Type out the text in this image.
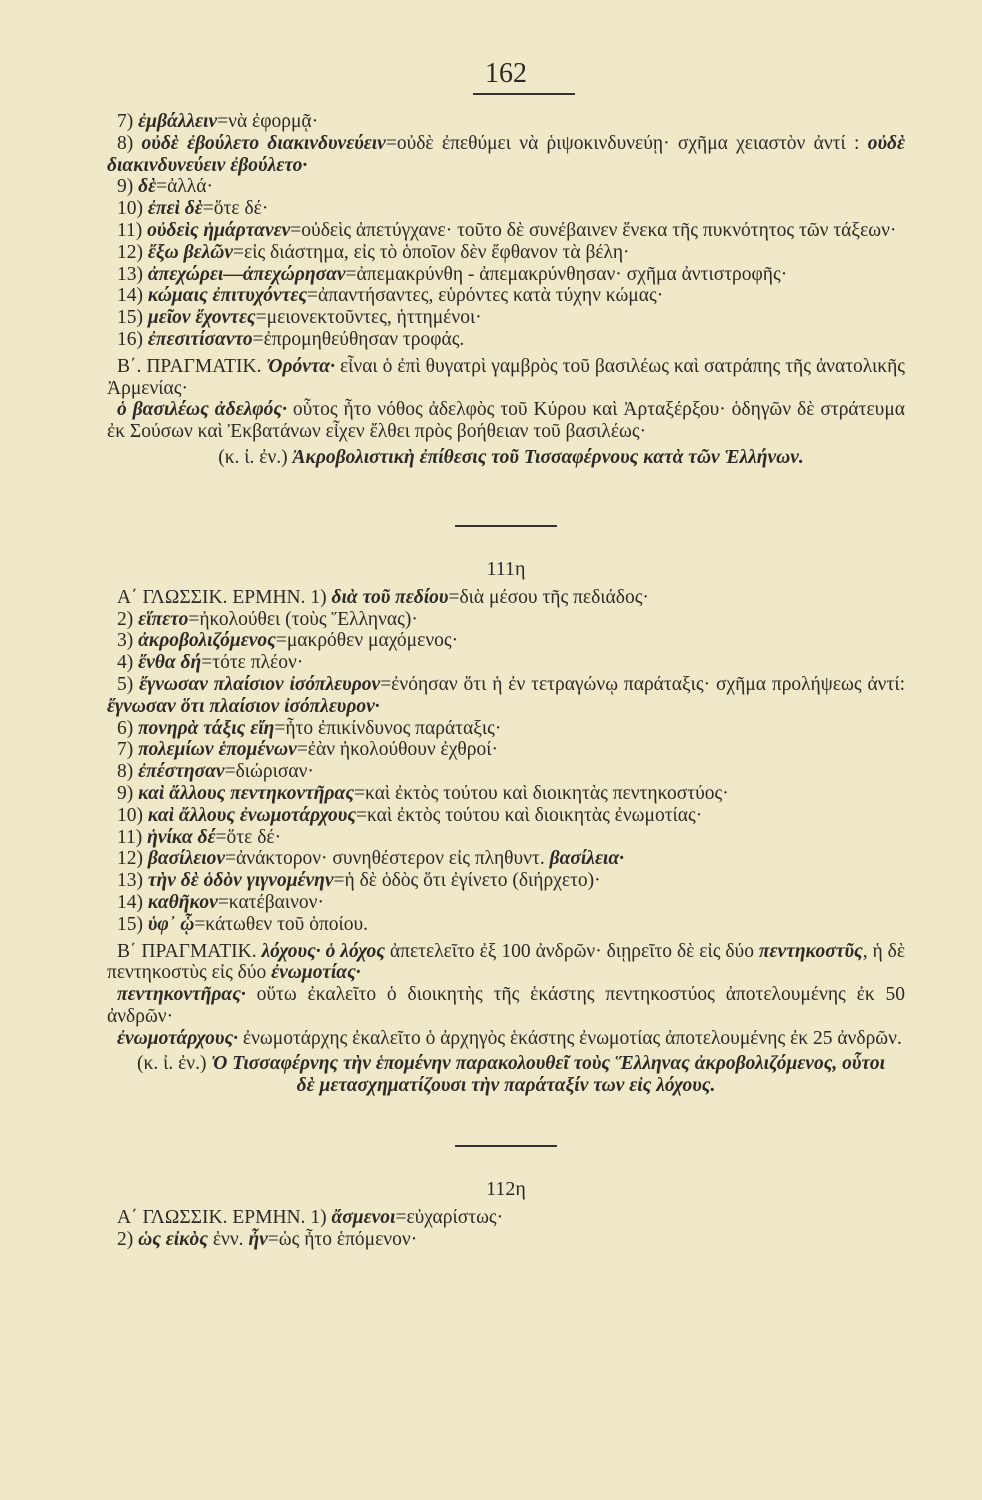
162

7) ἐμβάλλειν=νὰ ἐφορμᾷ·

8) οὐδὲ ἐβούλετο διακινδυνεύειν=οὐδὲ ἐπεθύμει νὰ ῥιψοκινδυνεύῃ· σχῆμα χειαστὸν ἀντί : οὐδὲ διακινδυνεύειν ἐβούλετο·

9) δὲ=ἀλλά·

10) ἐπεὶ δὲ=ὅτε δέ·

11) οὐδεὶς ἡμάρτανεν=οὐδεὶς ἀπετύγχανε· τοῦτο δὲ συνέβαινεν ἕνεκα τῆς πυκνότητος τῶν τάξεων·

12) ἔξω βελῶν=εἰς διάστημα, εἰς τὸ ὁποῖον δὲν ἔφθανον τὰ βέλη·

13) ἀπεχώρει—ἀπεχώρησαν=ἀπεμακρύνθη - ἀπεμακρύνθησαν· σχῆμα ἀντιστροφῆς·

14) κώμαις ἐπιτυχόντες=ἀπαντήσαντες, εὑρόντες κατὰ τύχην κώμας·

15) μεῖον ἔχοντες=μειονεκτοῦντες, ἡττημένοι·

16) ἐπεσιτίσαντο=ἐπρομηθεύθησαν τροφάς.

Β΄. ΠΡΑΓΜΑΤΙΚ. Ὀρόντα· εἶναι ὁ ἐπὶ θυγατρὶ γαμβρὸς τοῦ βασιλέως καὶ σατράπης τῆς ἀνατολικῆς Ἀρμενίας·

ὁ βασιλέως ἀδελφός· οὗτος ἦτο νόθος ἀδελφὸς τοῦ Κύρου καὶ Ἀρταξέρξου· ὁδηγῶν δὲ στράτευμα ἐκ Σούσων καὶ Ἐκβατάνων εἶχεν ἔλθει πρὸς βοήθειαν τοῦ βασιλέως·

(κ. ἰ. ἐν.) Ἀκροβολιστικὴ ἐπίθεσις τοῦ Τισσαφέρνους κατὰ τῶν Ἑλλήνων.

111η

Α΄ ΓΛΩΣΣΙΚ. ΕΡΜΗΝ. 1) διὰ τοῦ πεδίου=διὰ μέσου τῆς πεδιάδος·

2) εἵπετο=ἠκολούθει (τοὺς Ἕλληνας)·

3) ἀκροβολιζόμενος=μακρόθεν μαχόμενος·

4) ἔνθα δή=τότε πλέον·

5) ἔγνωσαν πλαίσιον ἰσόπλευρον=ἐνόησαν ὅτι ἡ ἐν τετραγώνῳ παράταξις· σχῆμα προλήψεως ἀντί: ἔγνωσαν ὅτι πλαίσιον ἰσόπλευρον·

6) πονηρὰ τάξις εἴη=ἦτο ἐπικίνδυνος παράταξις·

7) πολεμίων ἑπομένων=ἐὰν ἠκολούθουν ἐχθροί·

8) ἐπέστησαν=διώρισαν·

9) καὶ ἄλλους πεντηκοντῆρας=καὶ ἐκτὸς τούτου καὶ διοικητὰς πεντηκοστύος·

10) καὶ ἄλλους ἐνωμοτάρχους=καὶ ἐκτὸς τούτου καὶ διοικητὰς ἐνωμοτίας·

11) ἡνίκα δέ=ὅτε δέ·

12) βασίλειον=ἀνάκτορον· συνηθέστερον εἰς πληθυντ. βασίλεια·

13) τὴν δὲ ὁδὸν γιγνομένην=ἡ δὲ ὁδὸς ὅτι ἐγίνετο (διήρχετο)·

14) καθῆκον=κατέβαινον·

15) ὑφ᾽ ᾧ=κάτωθεν τοῦ ὁποίου.

Β΄ ΠΡΑΓΜΑΤΙΚ. λόχους· ὁ λόχος ἀπετελεῖτο ἐξ 100 ἀνδρῶν· διῃρεῖτο δὲ εἰς δύο πεντηκοστῦς, ἡ δὲ πεντηκοστὺς εἰς δύο ἐνωμοτίας·

πεντηκοντῆρας· οὕτω ἐκαλεῖτο ὁ διοικητὴς τῆς ἑκάστης πεντηκοστύος ἀποτελουμένης ἐκ 50 ἀνδρῶν·

ἐνωμοτάρχους· ἐνωμοτάρχης ἐκαλεῖτο ὁ ἀρχηγὸς ἑκάστης ἐνωμοτίας ἀποτελουμένης ἐκ 25 ἀνδρῶν.

(κ. ἰ. ἐν.) Ὁ Τισσαφέρνης τὴν ἑπομένην παρακολουθεῖ τοὺς Ἕλληνας ἀκροβολιζόμενος, οὗτοι δὲ μετασχηματίζουσι τὴν παράταξίν των εἰς λόχους.

112η

Α΄ ΓΛΩΣΣΙΚ. ΕΡΜΗΝ. 1) ἄσμενοι=εὐχαρίστως·

2) ὡς εἰκὸς ἐνν. ἦν=ὡς ἦτο ἑπόμενον·
